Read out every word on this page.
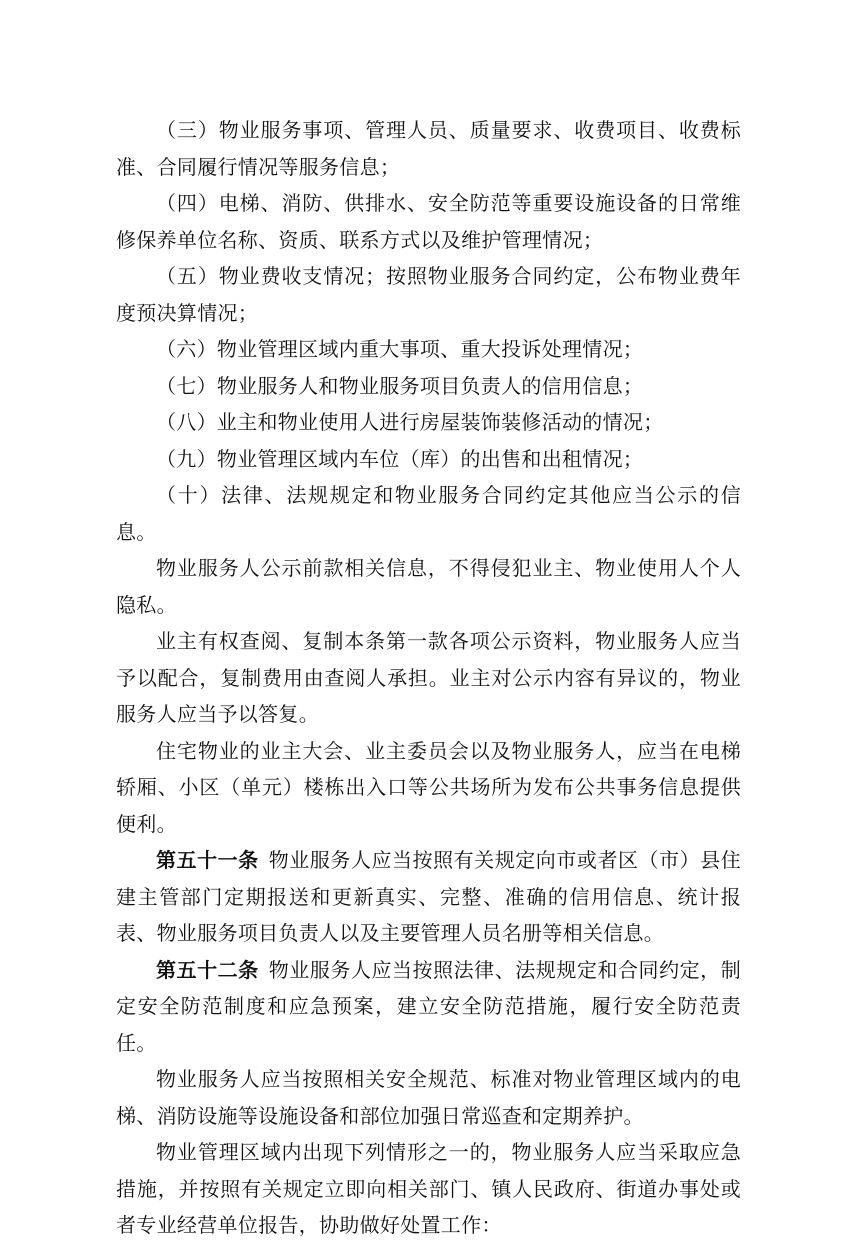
（三）物业服务事项、管理人员、质量要求、收费项目、收费标准、合同履行情况等服务信息；

（四）电梯、消防、供排水、安全防范等重要设施设备的日常维修保养单位名称、资质、联系方式以及维护管理情况；

（五）物业费收支情况；按照物业服务合同约定，公布物业费年度预决算情况；

（六）物业管理区域内重大事项、重大投诉处理情况；

（七）物业服务人和物业服务项目负责人的信用信息；

（八）业主和物业使用人进行房屋装饰装修活动的情况；

（九）物业管理区域内车位（库）的出售和出租情况；

（十）法律、法规规定和物业服务合同约定其他应当公示的信息。

物业服务人公示前款相关信息，不得侵犯业主、物业使用人个人隐私。

业主有权查阅、复制本条第一款各项公示资料，物业服务人应当予以配合，复制费用由查阅人承担。业主对公示内容有异议的，物业服务人应当予以答复。

住宅物业的业主大会、业主委员会以及物业服务人，应当在电梯轿厢、小区（单元）楼栋出入口等公共场所为发布公共事务信息提供便利。

第五十一条 物业服务人应当按照有关规定向市或者区（市）县住建主管部门定期报送和更新真实、完整、准确的信用信息、统计报表、物业服务项目负责人以及主要管理人员名册等相关信息。

第五十二条 物业服务人应当按照法律、法规规定和合同约定，制定安全防范制度和应急预案，建立安全防范措施，履行安全防范责任。

物业服务人应当按照相关安全规范、标准对物业管理区域内的电梯、消防设施等设施设备和部位加强日常巡查和定期养护。

物业管理区域内出现下列情形之一的，物业服务人应当采取应急措施，并按照有关规定立即向相关部门、镇人民政府、街道办事处或者专业经营单位报告，协助做好处置工作：
